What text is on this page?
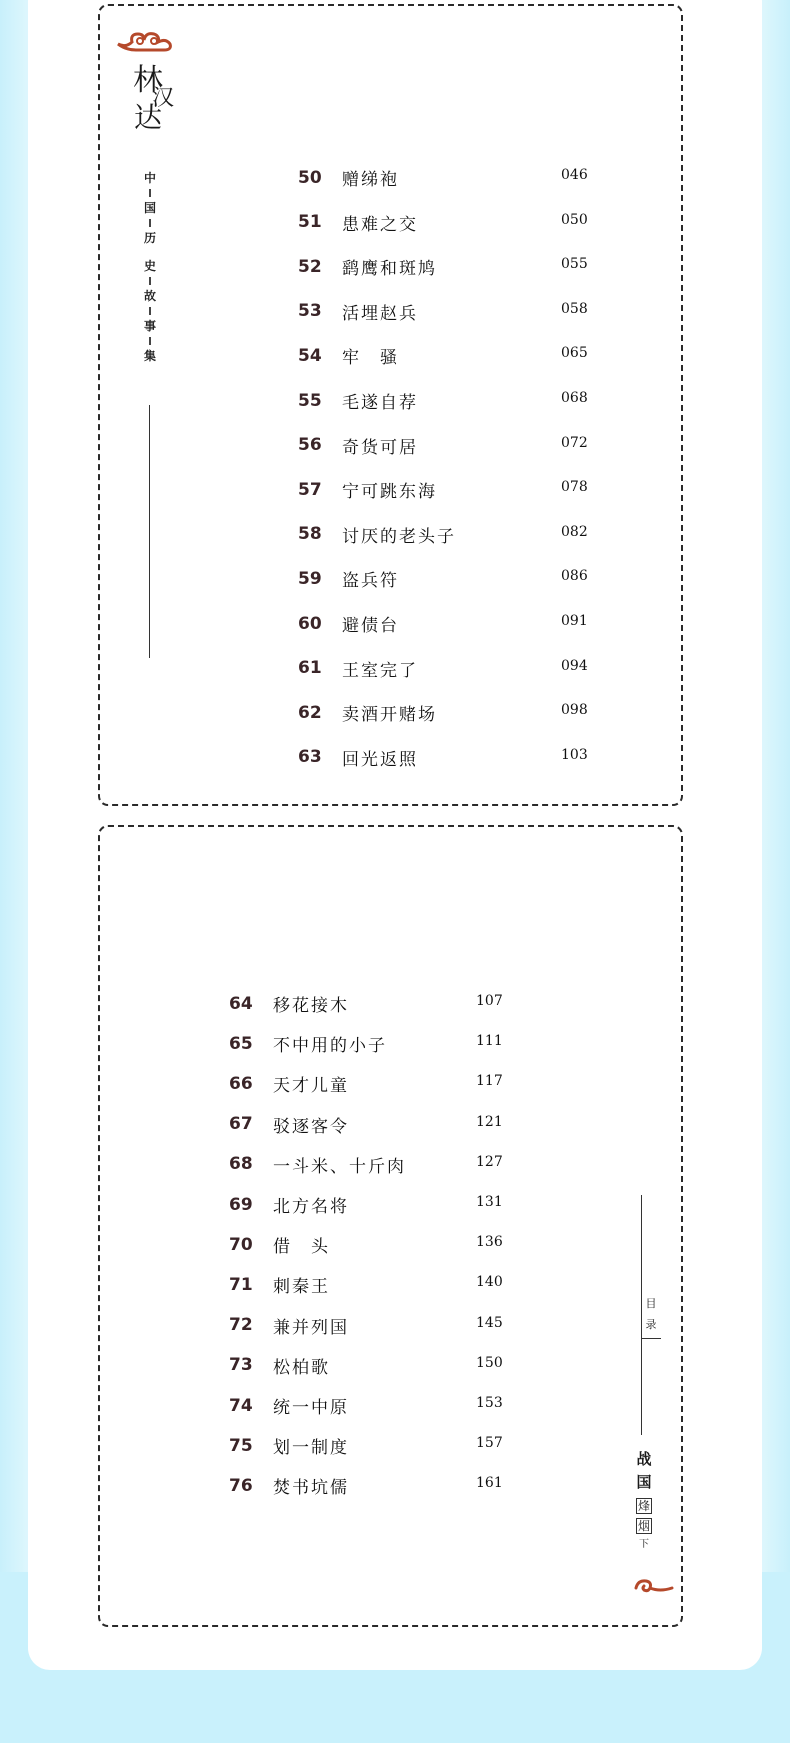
林
汉
达
中
国
历
史
故
事
集
50	赠绨袍	046
51	患难之交	050
52	鹞鹰和斑鸠	055
53	活埋赵兵	058
54	牢　骚	065
55	毛遂自荐	068
56	奇货可居	072
57	宁可跳东海	078
58	讨厌的老头子	082
59	盗兵符	086
60	避债台	091
61	王室完了	094
62	卖酒开赌场	098
63	回光返照	103
64	移花接木	107
65	不中用的小子	111
66	天才儿童	117
67	驳逐客令	121
68	一斗米、十斤肉	127
69	北方名将	131
70	借　头	136
71	刺秦王	140
72	兼并列国	145
73	松柏歌	150
74	统一中原	153
75	划一制度	157
76	焚书坑儒	161
目
录
战
国
烽
烟
下
